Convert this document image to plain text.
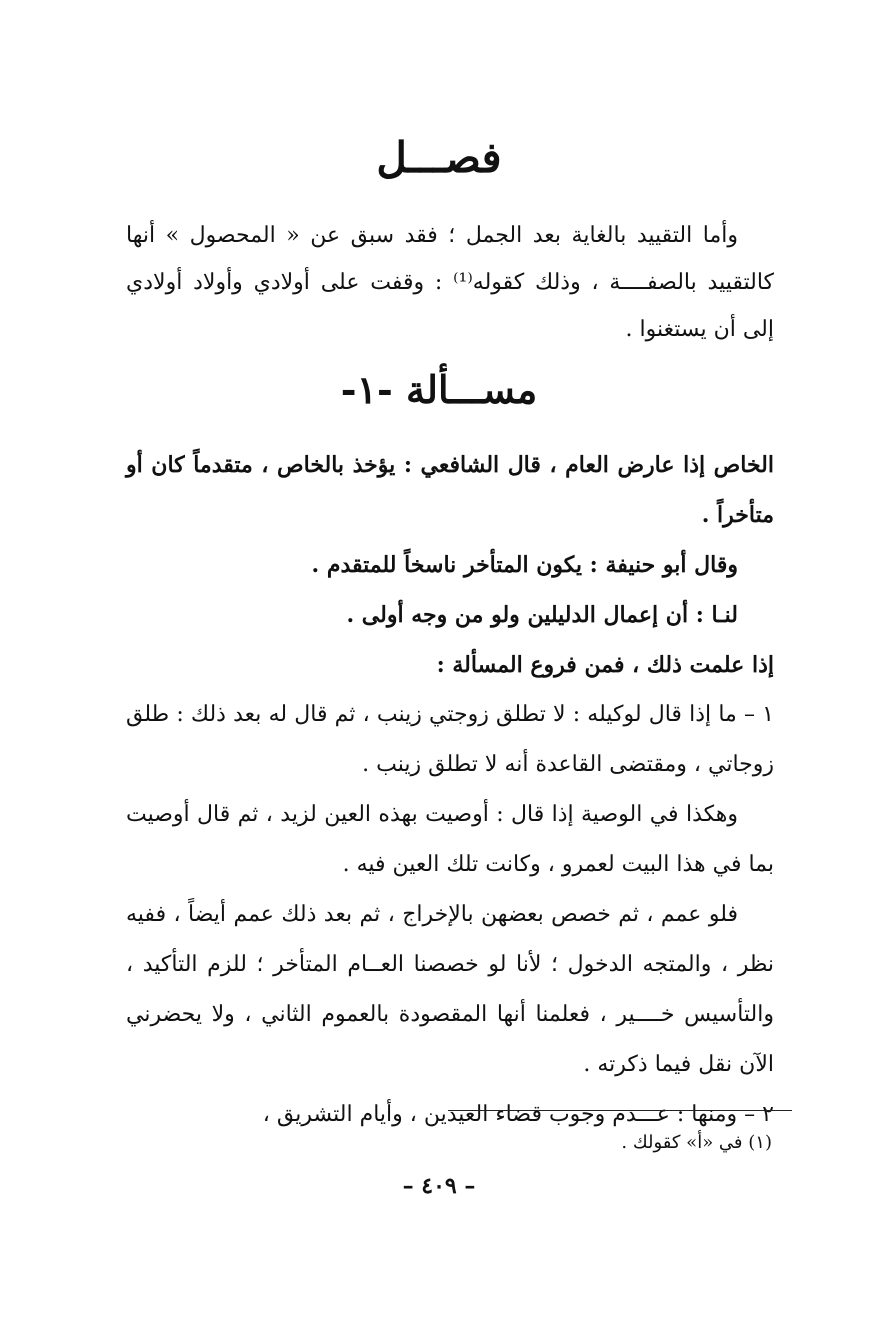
فصـــل

وأما التقييد بالغاية بعد الجمل ؛ فقد سبق عن « المحصول » أنها كالتقييد بالصفــــة ، وذلك كقوله⁽¹⁾ : وقفت على أولادي وأولاد أولادي إلى أن يستغنوا .

مســـألة -١-

الخاص إذا عارض العام ، قال الشافعي : يؤخذ بالخاص ، متقدماً كان أو متأخراً .

وقال أبو حنيفة : يكون المتأخر ناسخاً للمتقدم .

لنـا : أن إعمال الدليلين ولو من وجه أولى .

إذا علمت ذلك ، فمن فروع المسألة :

١ – ما إذا قال لوكيله : لا تطلق زوجتي زينب ، ثم قال له بعد ذلك : طلق زوجاتي ، ومقتضى القاعدة أنه لا تطلق زينب .

وهكذا في الوصية إذا قال : أوصيت بهذه العين لزيد ، ثم قال أوصيت بما في هذا البيت لعمرو ، وكانت تلك العين فيه .

فلو عمم ، ثم خصص بعضهن بالإخراج ، ثم بعد ذلك عمم أيضاً ، ففيه نظر ، والمتجه الدخول ؛ لأنا لو خصصنا العــام المتأخر ؛ للزم التأكيد ، والتأسيس خــــير ، فعلمنا أنها المقصودة بالعموم الثاني ، ولا يحضرني الآن نقل فيما ذكرته .

٢ – ومنها : عـــدم وجوب قضاء العيدين ، وأيام التشريق ،

(١) في «أ» كقولك .
– ٤٠٩ –
